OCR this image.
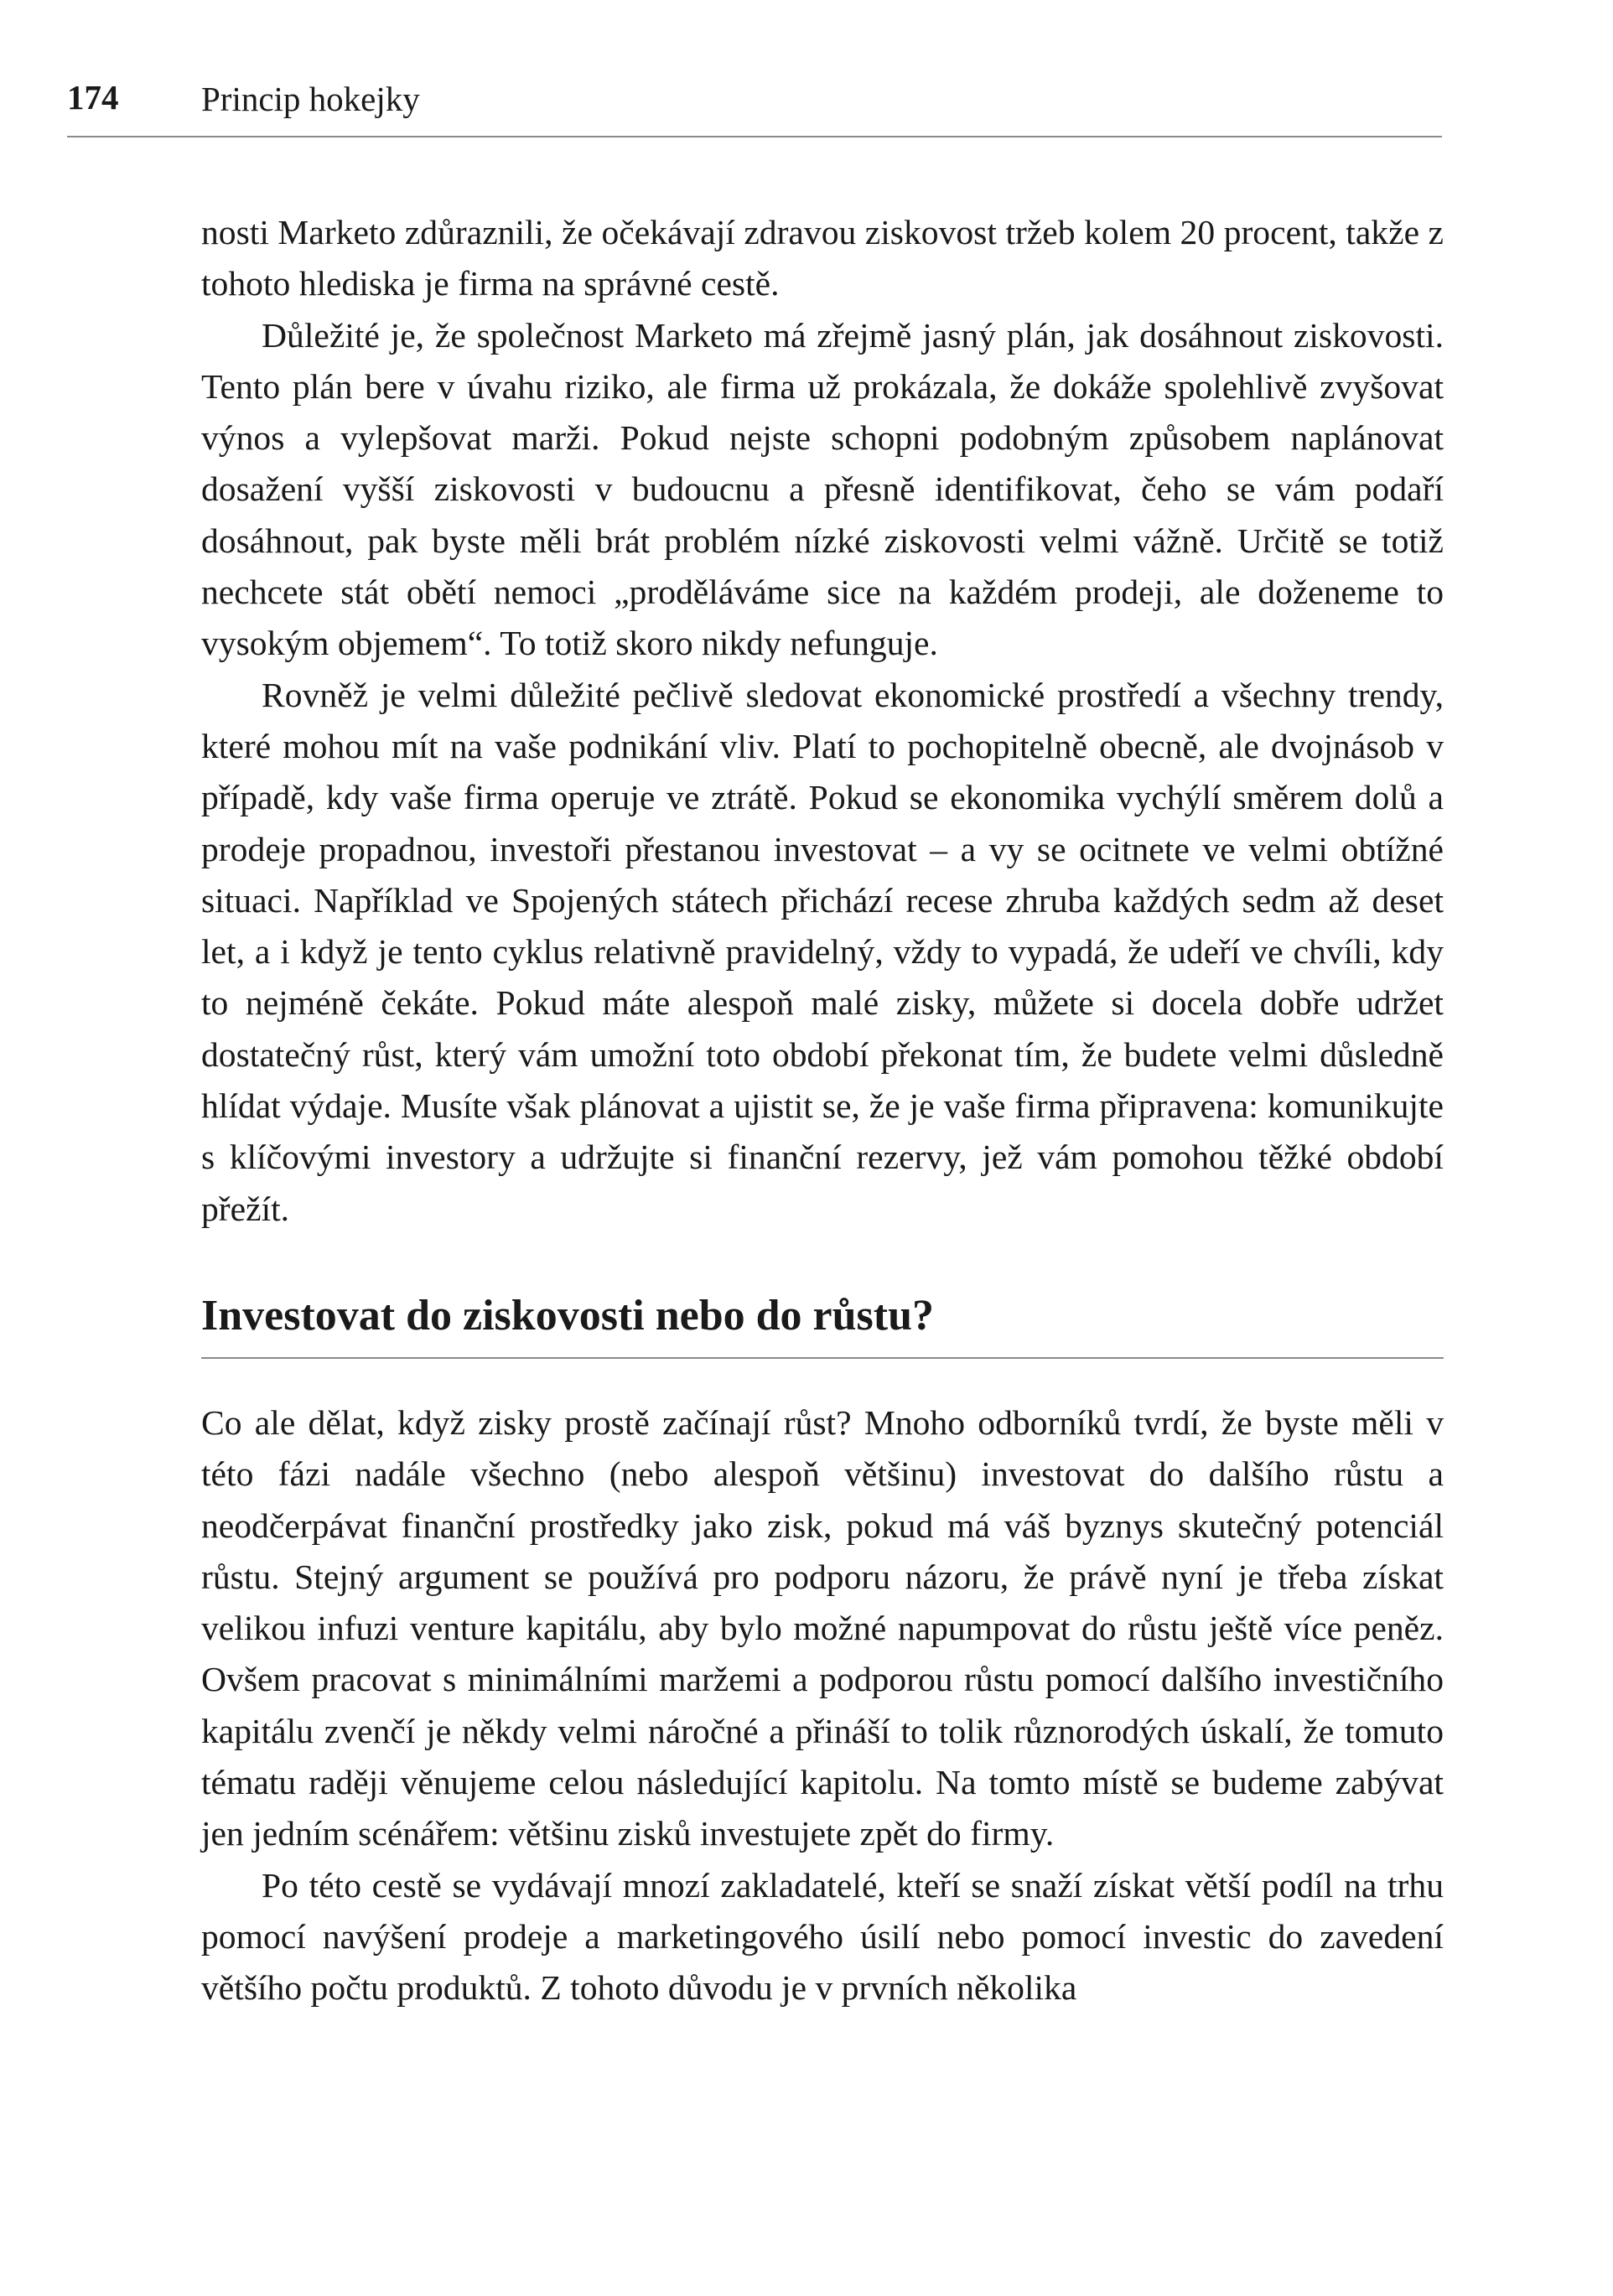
174 Princip hokejky

nosti Marketo zdůraznili, že očekávají zdravou ziskovost tržeb kolem 20 procent, takže z tohoto hlediska je firma na správné cestě.

Důležité je, že společnost Marketo má zřejmě jasný plán, jak dosáhnout ziskovosti. Tento plán bere v úvahu riziko, ale firma už prokázala, že dokáže spolehlivě zvyšovat výnos a vylepšovat marži. Pokud nejste schopni podobným způsobem naplánovat dosažení vyšší ziskovosti v budoucnu a přesně identifikovat, čeho se vám podaří dosáhnout, pak byste měli brát problém nízké ziskovosti velmi vážně. Určitě se totiž nechcete stát obětí nemoci „proděláváme sice na každém prodeji, ale doženeme to vysokým objemem“. To totiž skoro nikdy nefunguje.

Rovněž je velmi důležité pečlivě sledovat ekonomické prostředí a všechny trendy, které mohou mít na vaše podnikání vliv. Platí to pochopitelně obecně, ale dvojnásob v případě, kdy vaše firma operuje ve ztrátě. Pokud se ekonomika vychýlí směrem dolů a prodeje propadnou, investoři přestanou investovat – a vy se ocitnete ve velmi obtížné situaci. Například ve Spojených státech přichází recese zhruba každých sedm až deset let, a i když je tento cyklus relativně pravidelný, vždy to vypadá, že udeří ve chvíli, kdy to nejméně čekáte. Pokud máte alespoň malé zisky, můžete si docela dobře udržet dostatečný růst, který vám umožní toto období překonat tím, že budete velmi důsledně hlídat výdaje. Musíte však plánovat a ujistit se, že je vaše firma připravena: komunikujte s klíčovými investory a udržujte si finanční rezervy, jež vám pomohou těžké období přežít.

Investovat do ziskovosti nebo do růstu?

Co ale dělat, když zisky prostě začínají růst? Mnoho odborníků tvrdí, že byste měli v této fázi nadále všechno (nebo alespoň většinu) investovat do dalšího růstu a neodčerpávat finanční prostředky jako zisk, pokud má váš byznys skutečný potenciál růstu. Stejný argument se používá pro podporu názoru, že právě nyní je třeba získat velikou infuzi venture kapitálu, aby bylo možné napumpovat do růstu ještě více peněz. Ovšem pracovat s minimálními maržemi a podporou růstu pomocí dalšího investičního kapitálu zvenčí je někdy velmi náročné a přináší to tolik různorodých úskalí, že tomuto tématu raději věnujeme celou následující kapitolu. Na tomto místě se budeme zabývat jen jedním scénářem: většinu zisků investujete zpět do firmy.

Po této cestě se vydávají mnozí zakladatelé, kteří se snaží získat větší podíl na trhu pomocí navýšení prodeje a marketingového úsilí nebo pomocí investic do zavedení většího počtu produktů. Z tohoto důvodu je v prvních několika
